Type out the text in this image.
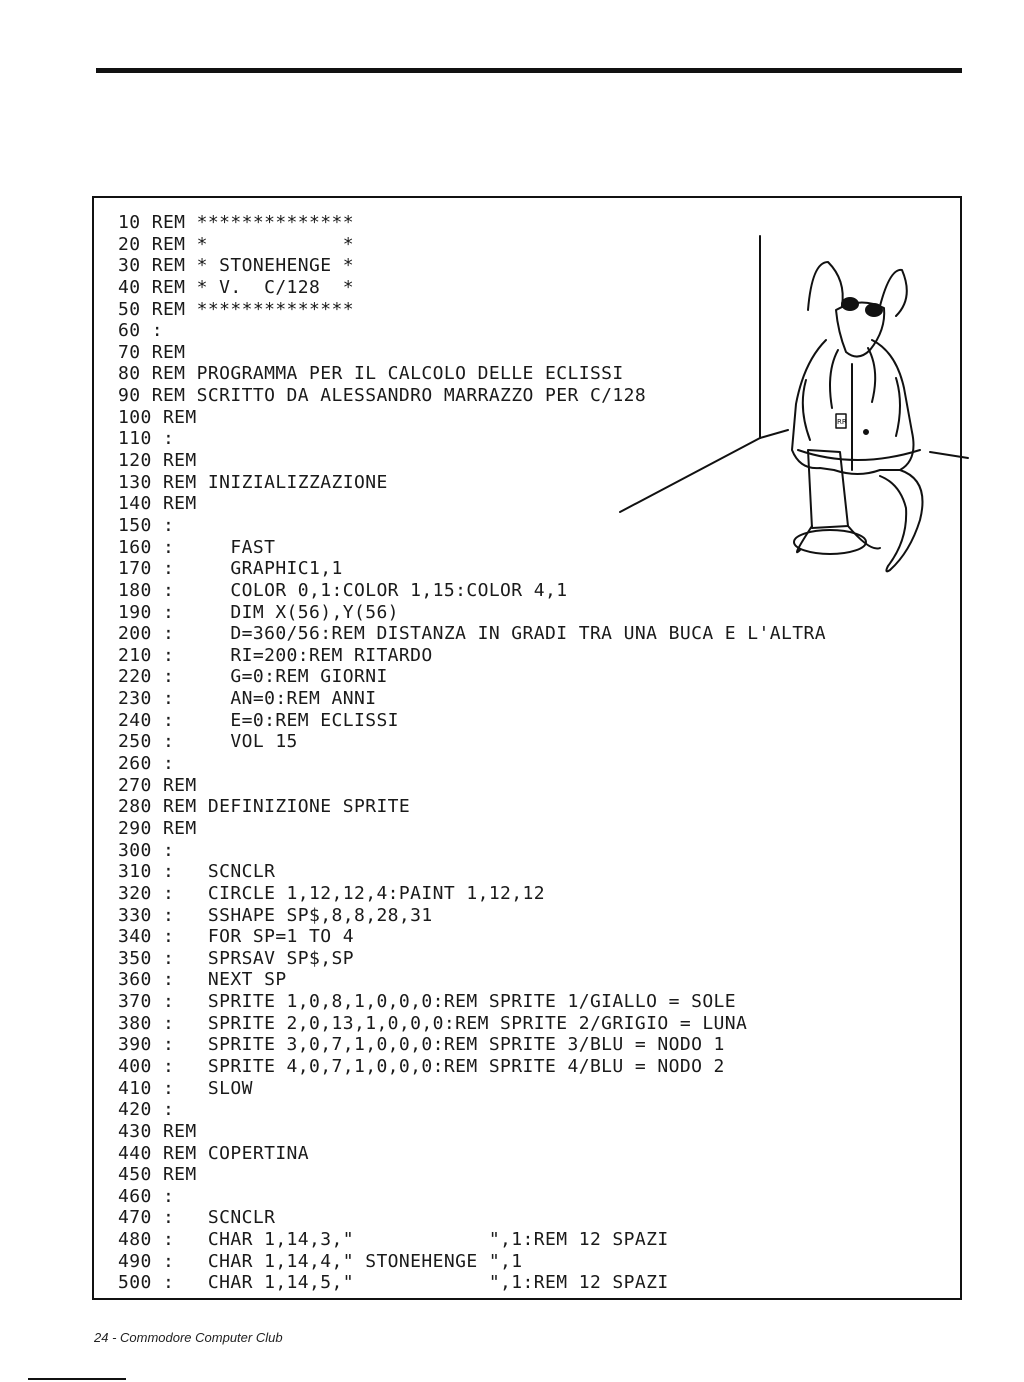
10 REM **************
20 REM *            *
30 REM * STONEHENGE *
40 REM * V.  C/128  *
50 REM **************
60 :
70 REM
80 REM PROGRAMMA PER IL CALCOLO DELLE ECLISSI
90 REM SCRITTO DA ALESSANDRO MARRAZZO PER C/128
100 REM
110 :
120 REM
130 REM INIZIALIZZAZIONE
140 REM
150 :
160 :     FAST
170 :     GRAPHIC1,1
180 :     COLOR 0,1:COLOR 1,15:COLOR 4,1
190 :     DIM X(56),Y(56)
200 :     D=360/56:REM DISTANZA IN GRADI TRA UNA BUCA E L'ALTRA
210 :     RI=200:REM RITARDO
220 :     G=0:REM GIORNI
230 :     AN=0:REM ANNI
240 :     E=0:REM ECLISSI
250 :     VOL 15
260 :
270 REM
280 REM DEFINIZIONE SPRITE
290 REM
300 :
310 :   SCNCLR
320 :   CIRCLE 1,12,12,4:PAINT 1,12,12
330 :   SSHAPE SP$,8,8,28,31
340 :   FOR SP=1 TO 4
350 :   SPRSAV SP$,SP
360 :   NEXT SP
370 :   SPRITE 1,0,8,1,0,0,0:REM SPRITE 1/GIALLO = SOLE
380 :   SPRITE 2,0,13,1,0,0,0:REM SPRITE 2/GRIGIO = LUNA
390 :   SPRITE 3,0,7,1,0,0,0:REM SPRITE 3/BLU = NODO 1
400 :   SPRITE 4,0,7,1,0,0,0:REM SPRITE 4/BLU = NODO 2
410 :   SLOW
420 :
430 REM
440 REM COPERTINA
450 REM
460 :
470 :   SCNCLR
480 :   CHAR 1,14,3,"            ",1:REM 12 SPAZI
490 :   CHAR 1,14,4," STONEHENGE ",1
500 :   CHAR 1,14,5,"            ",1:REM 12 SPAZI
RR
24 - Commodore Computer Club
